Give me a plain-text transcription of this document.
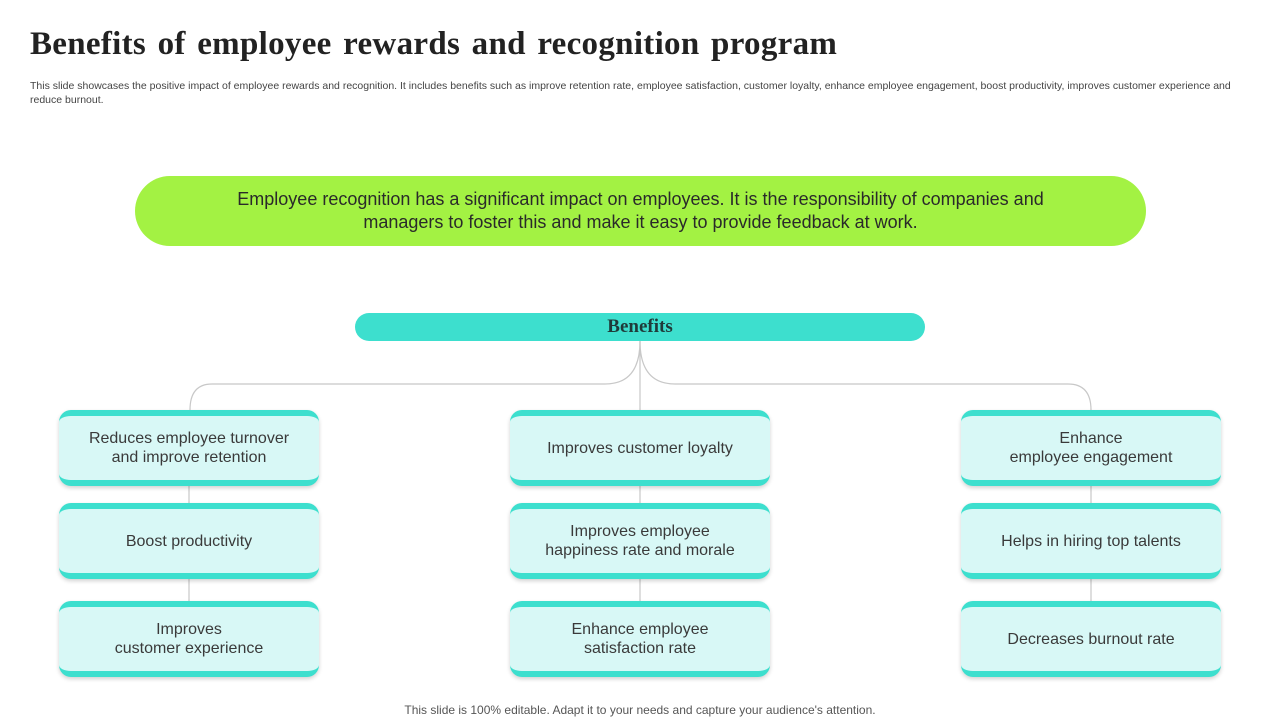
Benefits of employee rewards and recognition program

This slide showcases the positive impact of employee rewards and recognition. It includes benefits such as improve retention rate, employee satisfaction, customer loyalty, enhance employee engagement, boost productivity, improves customer experience and reduce burnout.

Employee recognition has a significant impact on employees. It is the responsibility of companies and managers to foster this and make it easy to provide feedback at work.
Benefits
Reduces employee turnover
and improve retention
Boost productivity
Improves
customer experience
Improves customer loyalty
Improves employee
happiness rate and morale
Enhance employee
satisfaction rate
Enhance
employee engagement
Helps in hiring top talents
Decreases burnout rate
This slide is 100% editable. Adapt it to your needs and capture your audience's attention.
